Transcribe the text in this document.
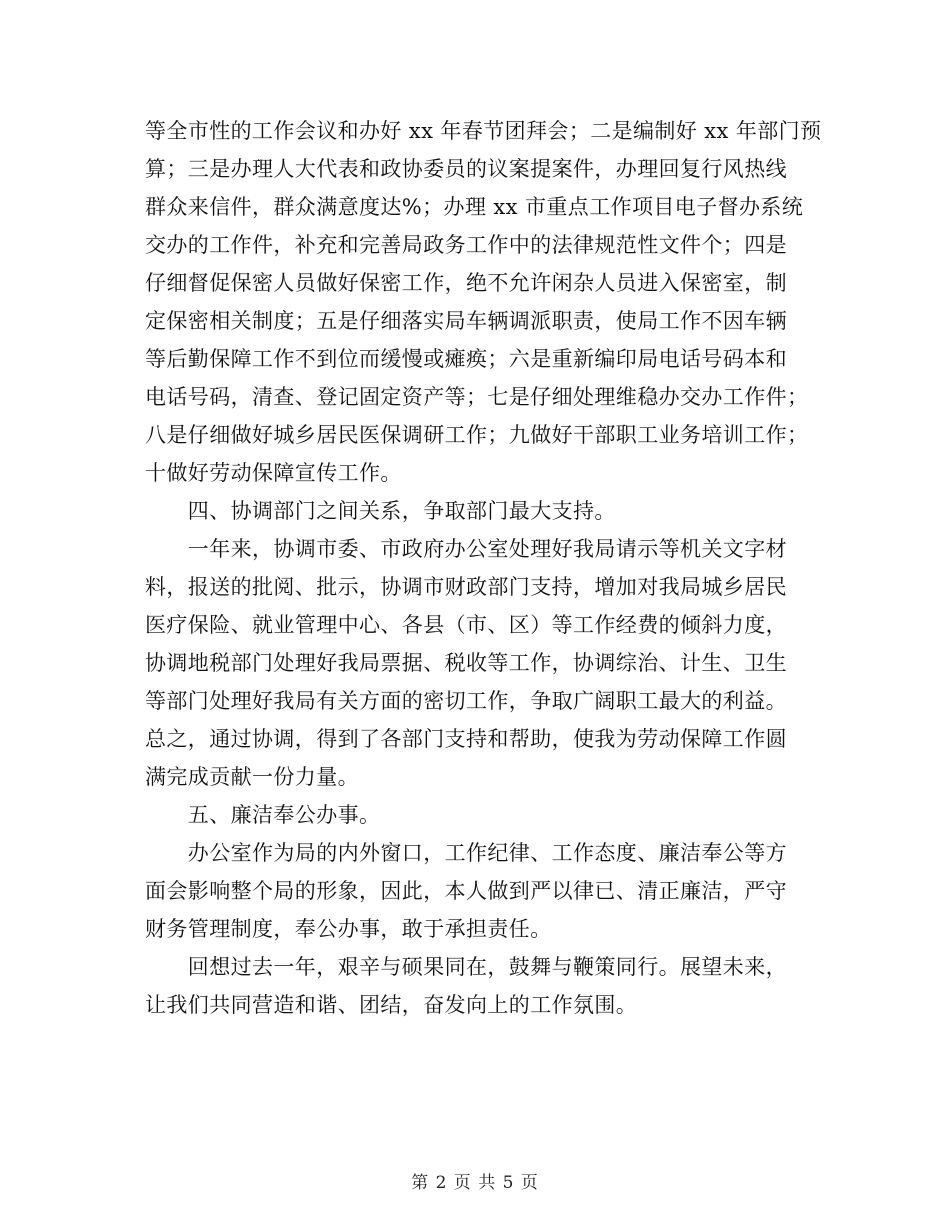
等全市性的工作会议和办好 xx 年春节团拜会；二是编制好 xx 年部门预
算；三是办理人大代表和政协委员的议案提案件，办理回复行风热线
群众来信件，群众满意度达%；办理 xx 市重点工作项目电子督办系统
交办的工作件，补充和完善局政务工作中的法律规范性文件个；四是
仔细督促保密人员做好保密工作，绝不允许闲杂人员进入保密室，制
定保密相关制度；五是仔细落实局车辆调派职责，使局工作不因车辆
等后勤保障工作不到位而缓慢或瘫痪；六是重新编印局电话号码本和
电话号码，清查、登记固定资产等；七是仔细处理维稳办交办工作件；
八是仔细做好城乡居民医保调研工作；九做好干部职工业务培训工作；
十做好劳动保障宣传工作。
　　四、协调部门之间关系，争取部门最大支持。
　　一年来，协调市委、市政府办公室处理好我局请示等机关文字材
料，报送的批阅、批示，协调市财政部门支持，增加对我局城乡居民
医疗保险、就业管理中心、各县（市、区）等工作经费的倾斜力度，
协调地税部门处理好我局票据、税收等工作，协调综治、计生、卫生
等部门处理好我局有关方面的密切工作，争取广阔职工最大的利益。
总之，通过协调，得到了各部门支持和帮助，使我为劳动保障工作圆
满完成贡献一份力量。
　　五、廉洁奉公办事。
　　办公室作为局的内外窗口，工作纪律、工作态度、廉洁奉公等方
面会影响整个局的形象，因此，本人做到严以律已、清正廉洁，严守
财务管理制度，奉公办事，敢于承担责任。
　　回想过去一年，艰辛与硕果同在，鼓舞与鞭策同行。展望未来，
让我们共同营造和谐、团结，奋发向上的工作氛围。
第 2 页 共 5 页
